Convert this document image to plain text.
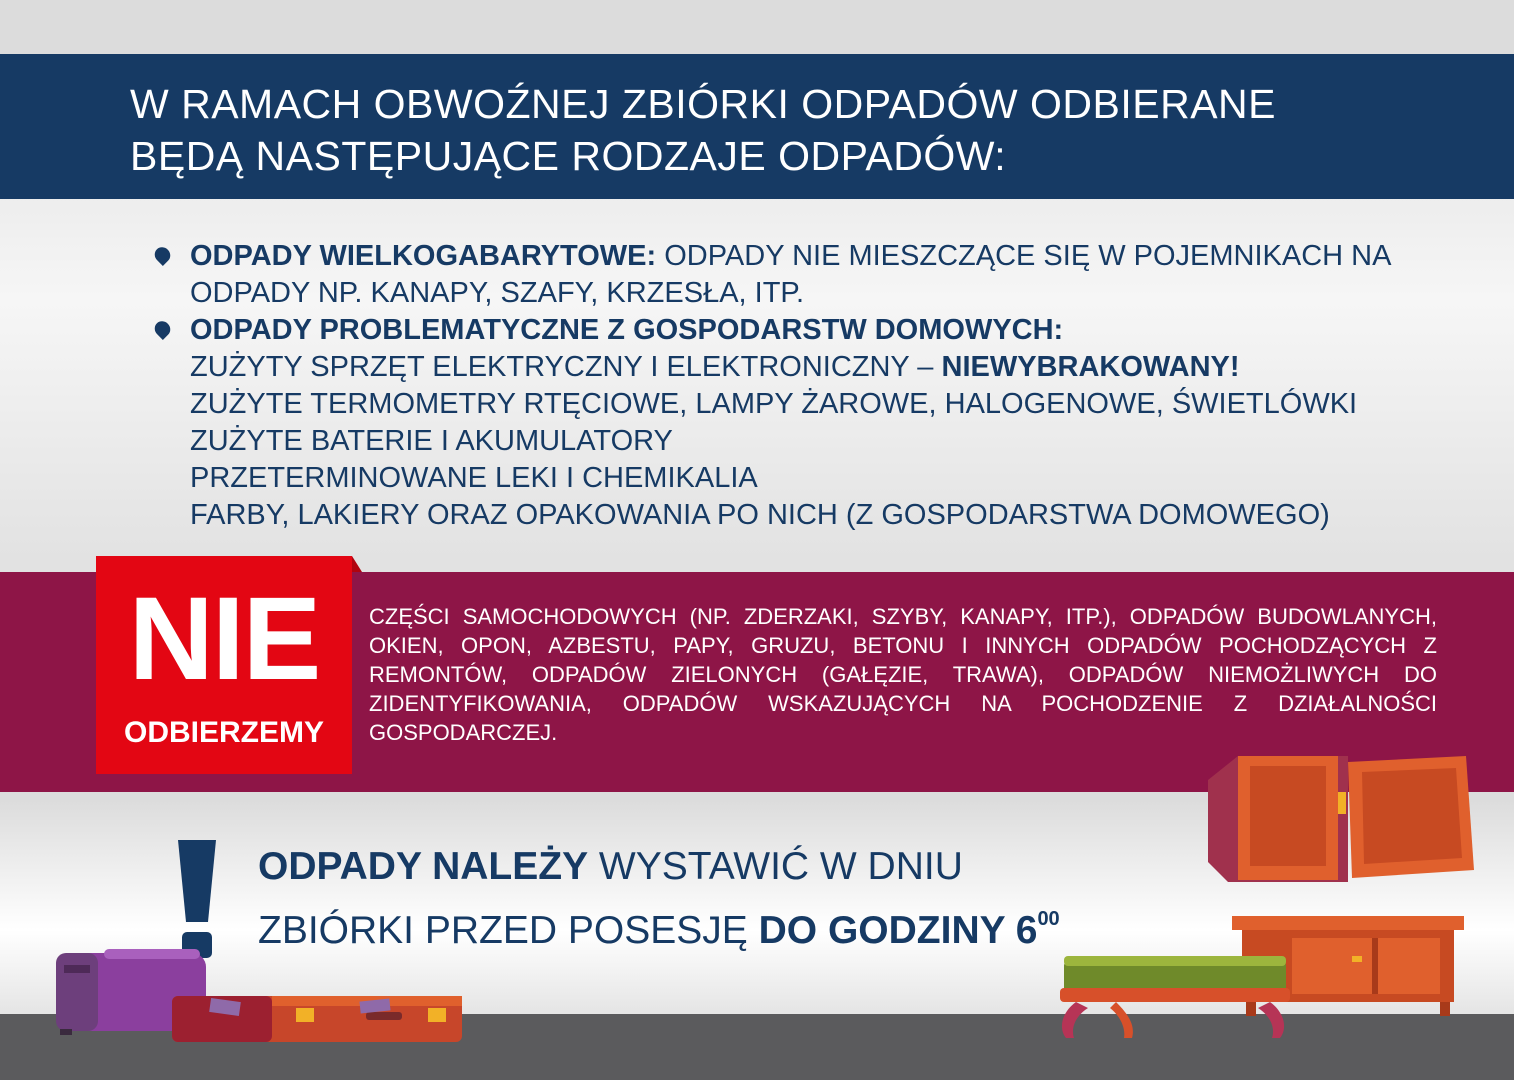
W RAMACH OBWOŹNEJ ZBIÓRKI ODPADÓW ODBIERANE
BĘDĄ NASTĘPUJĄCE RODZAJE ODPADÓW:
ODPADY WIELKOGABARYTOWE: ODPADY NIE MIESZCZĄCE SIĘ W POJEMNIKACH NA
ODPADY NP. KANAPY, SZAFY, KRZESŁA, ITP.
ODPADY PROBLEMATYCZNE Z GOSPODARSTW DOMOWYCH:
ZUŻYTY SPRZĘT ELEKTRYCZNY I ELEKTRONICZNY – NIEWYBRAKOWANY!
ZUŻYTE TERMOMETRY RTĘCIOWE, LAMPY ŻAROWE, HALOGENOWE, ŚWIETLÓWKI
ZUŻYTE BATERIE I AKUMULATORY
PRZETERMINOWANE LEKI I CHEMIKALIA
FARBY, LAKIERY ORAZ OPAKOWANIA PO NICH (Z GOSPODARSTWA DOMOWEGO)
NIE
ODBIERZEMY
CZĘŚCI SAMOCHODOWYCH (NP. ZDERZAKI, SZYBY, KANAPY, ITP.), ODPADÓW BUDOWLANYCH, OKIEN, OPON, AZBESTU, PAPY, GRUZU, BETONU I INNYCH ODPADÓW POCHODZĄCYCH Z REMONTÓW, ODPADÓW ZIELONYCH (GAŁĘZIE, TRAWA), ODPADÓW NIEMOŻLIWYCH DO ZIDENTYFIKOWANIA, ODPADÓW WSKAZUJĄCYCH NA POCHODZENIE Z DZIAŁALNOŚCI GOSPODARCZEJ.
ODPADY NALEŻY WYSTAWIĆ W DNIU
ZBIÓRKI PRZED POSESJĘ DO GODZINY $6^{00}$
